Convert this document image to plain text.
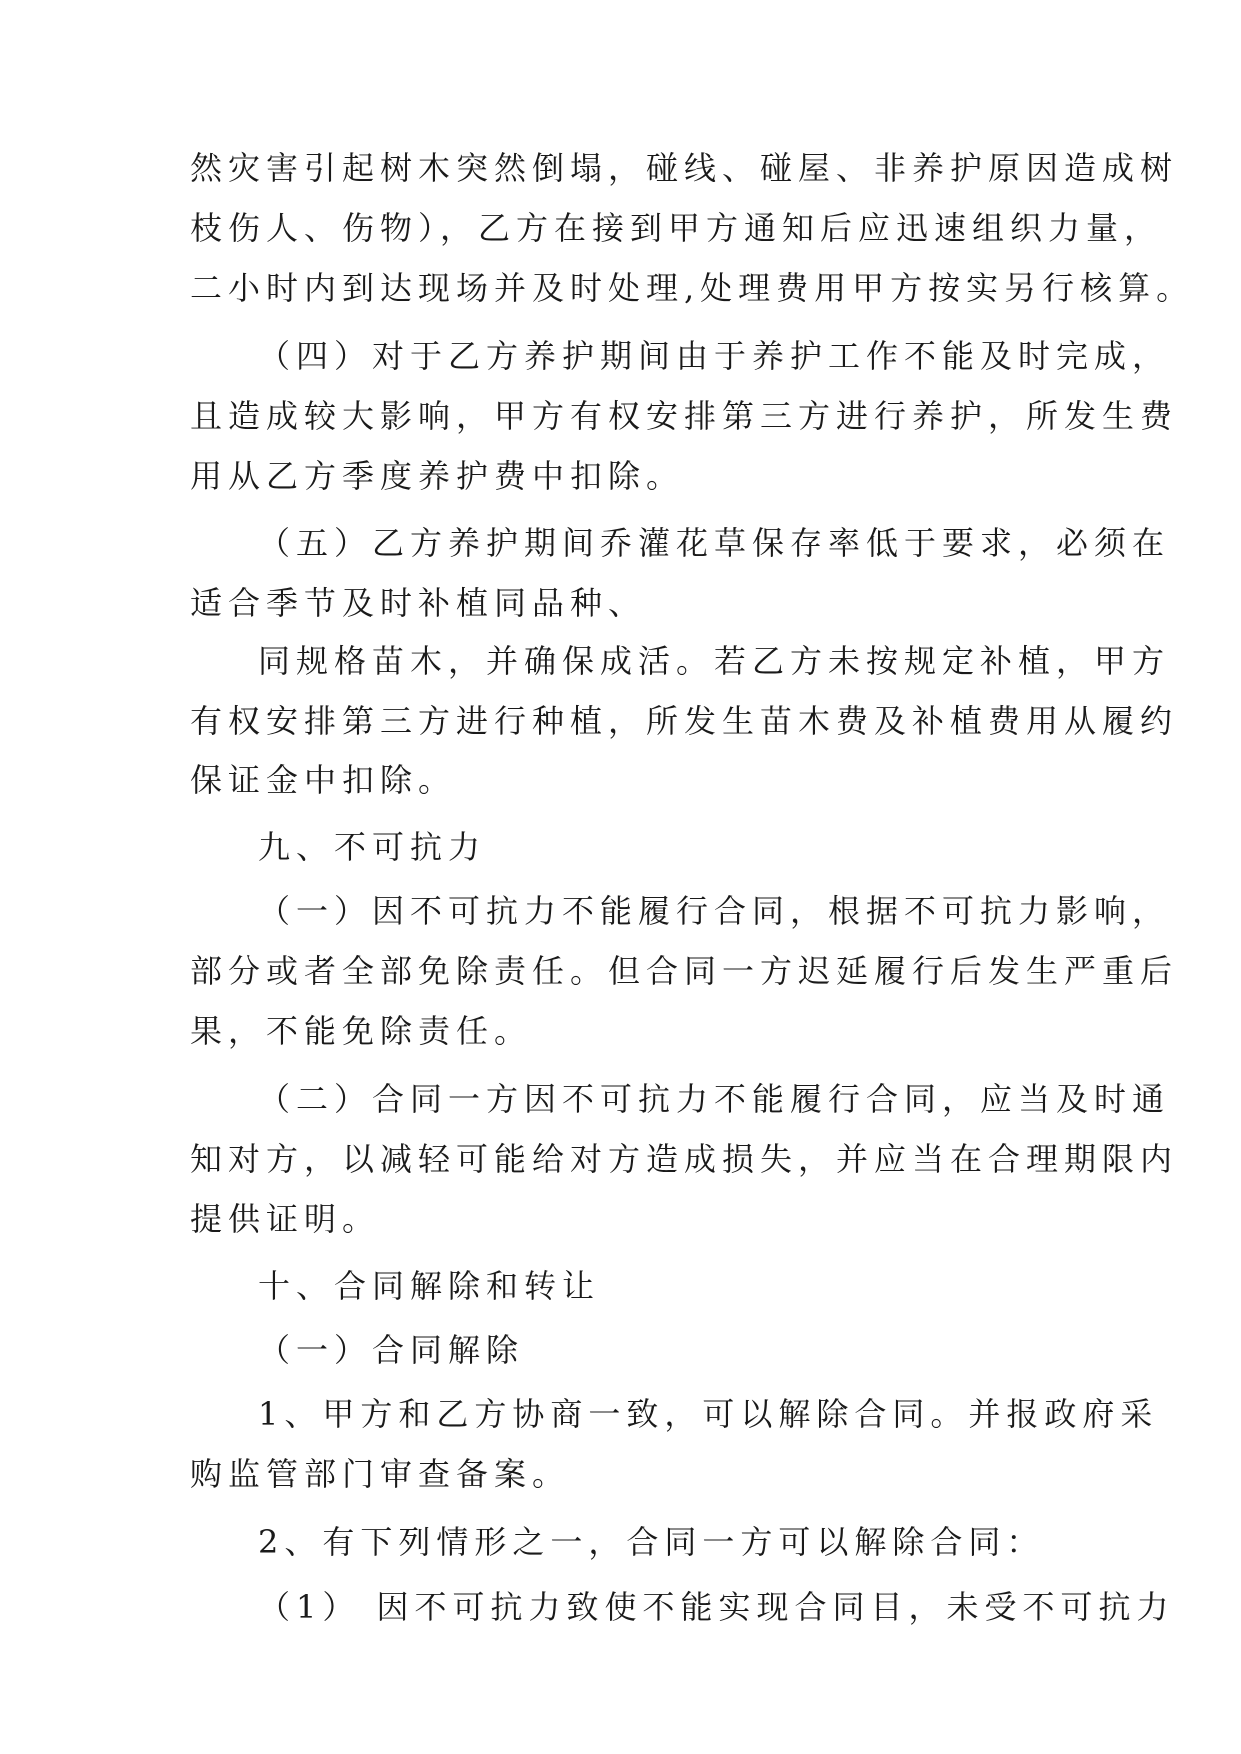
然灾害引起树木突然倒塌，碰线、碰屋、非养护原因造成树
枝伤人、伤物），乙方在接到甲方通知后应迅速组织力量，
二小时内到达现场并及时处理,处理费用甲方按实另行核算。
（四）对于乙方养护期间由于养护工作不能及时完成，
且造成较大影响，甲方有权安排第三方进行养护，所发生费
用从乙方季度养护费中扣除。
（五）乙方养护期间乔灌花草保存率低于要求，必须在
适合季节及时补植同品种、
同规格苗木，并确保成活。若乙方未按规定补植，甲方
有权安排第三方进行种植，所发生苗木费及补植费用从履约
保证金中扣除。
九、不可抗力
（一）因不可抗力不能履行合同，根据不可抗力影响，
部分或者全部免除责任。但合同一方迟延履行后发生严重后
果，不能免除责任。
（二）合同一方因不可抗力不能履行合同，应当及时通
知对方，以减轻可能给对方造成损失，并应当在合理期限内
提供证明。
十、合同解除和转让
（一）合同解除
1、甲方和乙方协商一致，可以解除合同。并报政府采
购监管部门审查备案。
2、有下列情形之一，合同一方可以解除合同：
（1） 因不可抗力致使不能实现合同目，未受不可抗力
